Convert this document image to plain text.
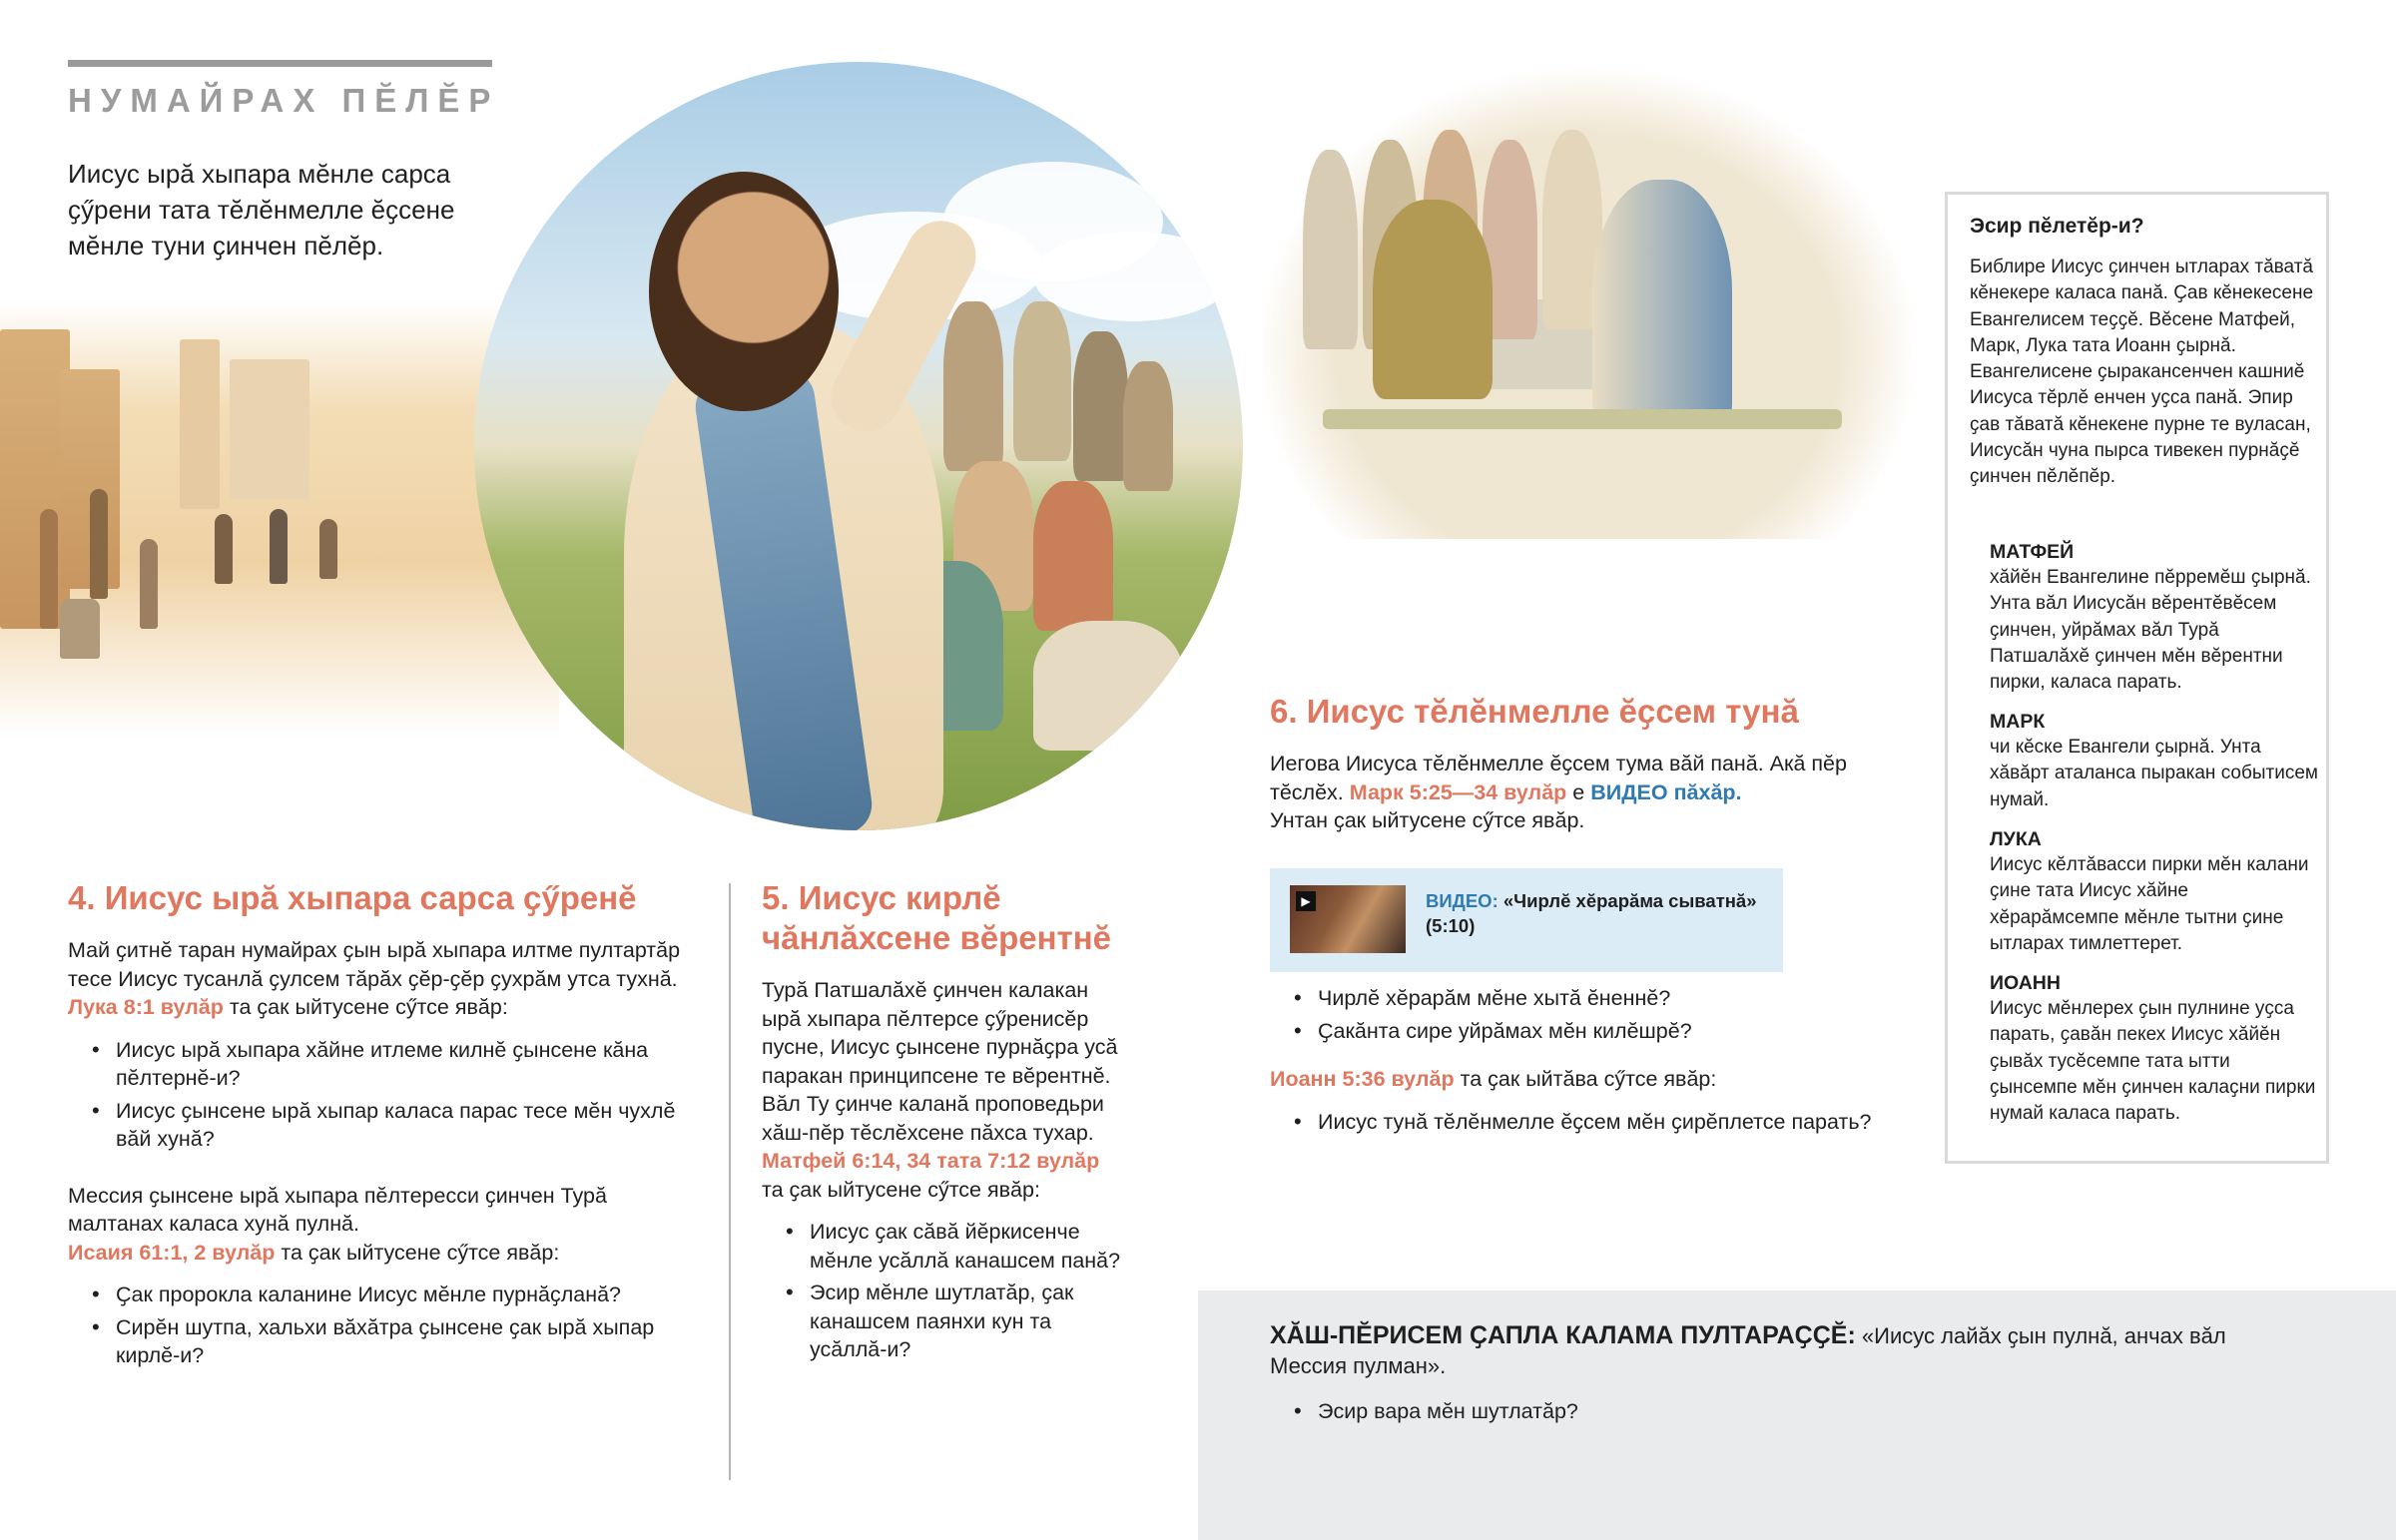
НУМАЙРАХ ПĔЛĔР
Иисус ырӑ хыпара мӗнле сарса ҫӳрени тата тӗлӗнмелле ӗҫсене мӗнле туни ҫинчен пӗлӗр.
4. Иисус ырӑ хыпара сарса ҫӳренӗ
Май ҫитнӗ таран нумайрах ҫын ырӑ хыпара илтме пултартӑр тесе Иисус тусанлӑ ҫулсем тӑрӑх ҫӗр-ҫӗр ҫухрӑм утса тухнӑ. Лука 8:1 вулӑр та ҫак ыйтусене сӳтсе явӑр:
• Иисус ырӑ хыпара хӑйне итлеме килнӗ ҫынсене кӑна пӗлтернӗ-и?
• Иисус ҫынсене ырӑ хыпар каласа парас тесе мӗн чухлӗ вӑй хунӑ?
Мессия ҫынсене ырӑ хыпара пӗлтересси ҫинчен Турӑ малтанах каласа хунӑ пулнӑ.
Исаия 61:1, 2 вулӑр та ҫак ыйтусене сӳтсе явӑр:
• Ҫак пророкла каланине Иисус мӗнле пурнӑҫланӑ?
• Сирӗн шутпа, хальхи вӑхӑтра ҫынсене ҫак ырӑ хыпар кирлӗ-и?
5. Иисус кирлӗ чӑнлӑхсене вӗрентнӗ
Турӑ Патшалӑхӗ ҫинчен калакан ырӑ хыпара пӗлтерсе ҫӳренисӗр пусне, Иисус ҫынсене пурнӑҫра усӑ паракан принципсене те вӗрентнӗ. Вӑл Ту ҫинче каланӑ проповедьри хӑш-пӗр тӗслӗхсене пӑхса тухар. Матфей 6:14, 34 тата 7:12 вулӑр та ҫак ыйтусене сӳтсе явӑр:
• Иисус ҫак сӑвӑ йӗркисенче мӗнле усӑллӑ канашсем панӑ?
• Эсир мӗнле шутлатӑр, ҫак канашсем паянхи кун та усӑллӑ-и?
6. Иисус тӗлӗнмелле ӗҫсем тунӑ
Иегова Иисуса тӗлӗнмелле ӗҫсем тума вӑй панӑ. Акӑ пӗр тӗслӗх. Марк 5:25—34 вулӑр е ВИДЕО пӑхӑр.
Унтан ҫак ыйтусене сӳтсе явӑр.
▶	ВИДЕО: «Чирлӗ хӗрарӑма сыватнӑ»
(5:10)
• Чирлӗ хӗрарӑм мӗне хытӑ ӗненнӗ?
• Ҫакӑнта сире уйрӑмах мӗн килӗшрӗ?
Иоанн 5:36 вулӑр та ҫак ыйтӑва сӳтсе явӑр:
• Иисус тунӑ тӗлӗнмелле ӗҫсем мӗн ҫирӗплетсе парать?
Эсир пӗлетӗр-и?
Библире Иисус ҫинчен ытларах тӑватӑ кӗнекере каласа панӑ. Ҫав кӗнекесене Евангелисем теҫҫӗ. Вӗсене Матфей, Марк, Лука тата Иоанн ҫырнӑ. Евангелисене ҫыракансенчен кашниӗ Иисуса тӗрлӗ енчен уҫса панӑ. Эпир ҫав тӑватӑ кӗнекене пурне те вуласан, Иисусӑн чуна пырса тивекен пурнӑҫӗ ҫинчен пӗлӗпӗр.
МАТФЕЙ
хӑйӗн Евангелине пӗрремӗш ҫырнӑ. Унта вӑл Иисусӑн вӗрентӗвӗсем ҫинчен, уйрӑмах вӑл Турӑ Патшалӑхӗ ҫинчен мӗн вӗрентни пирки, каласа парать.
МАРК
чи кӗске Евангели ҫырнӑ. Унта хӑвӑрт аталанса пыракан событисем нумай.
ЛУКА
Иисус кӗлтӑвасси пирки мӗн калани ҫине тата Иисус хӑйне хӗрарӑмсемпе мӗнле тытни ҫине ытларах тимлеттерет.
ИОАНН
Иисус мӗнлерех ҫын пулнине уҫса парать, ҫавӑн пекех Иисус хӑйӗн ҫывӑх тусӗсемпе тата ытти ҫынсемпе мӗн ҫинчен калаҫни пирки нумай каласа парать.
ХӐШ-ПĔРИСЕМ ҪАПЛА КАЛАМА ПУЛТАРАҪҪĔ: «Иисус лайӑх ҫын пулнӑ, анчах вӑл Мессия пулман».
• Эсир вара мӗн шутлатӑр?
